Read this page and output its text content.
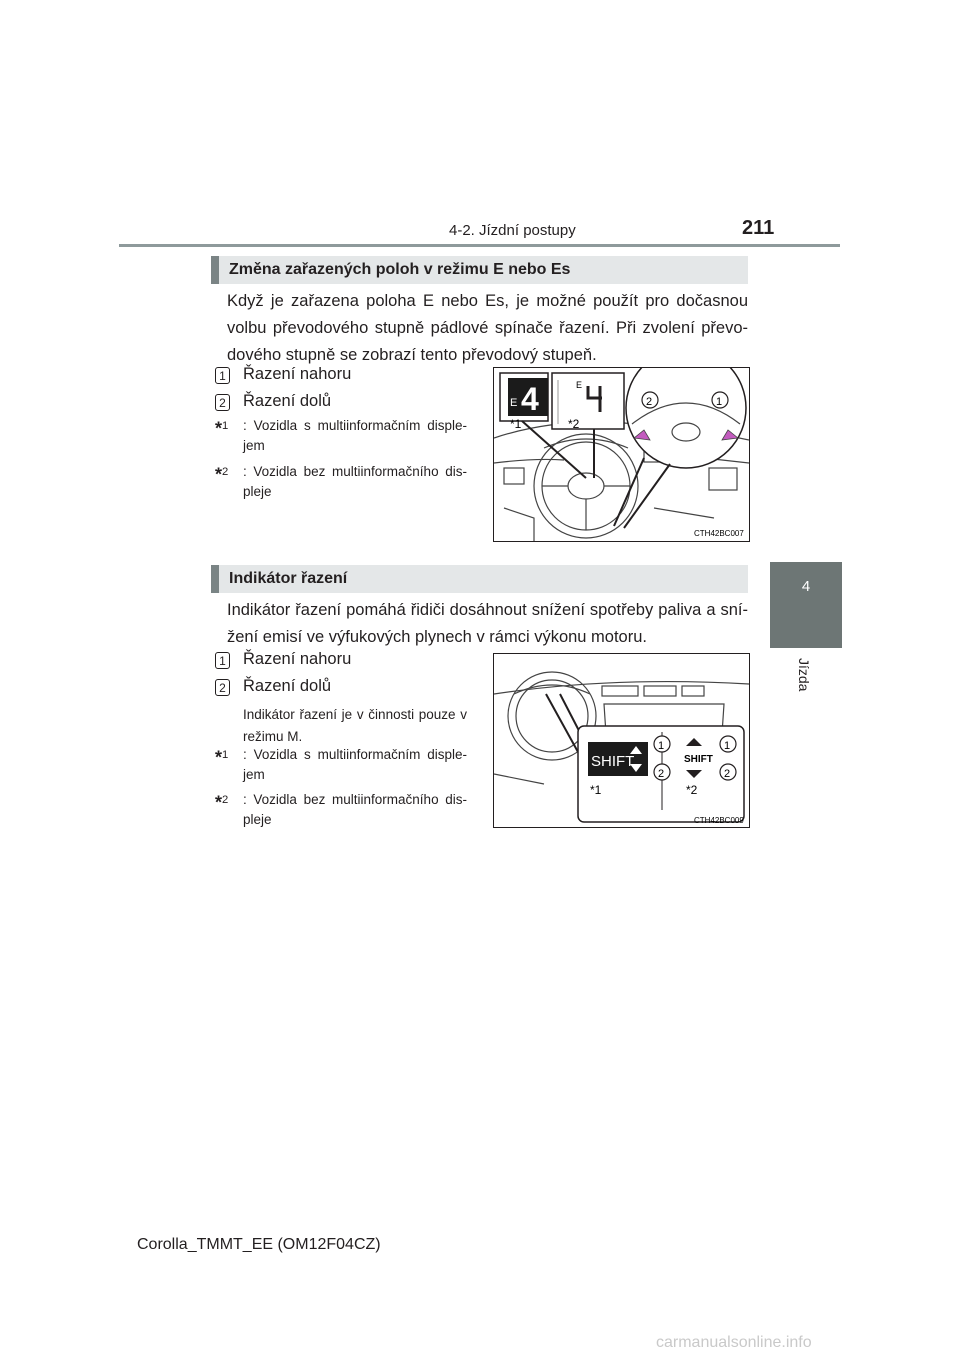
4-2. Jízdní postupy	211
4
Jízda
Změna zařazených poloh v režimu E nebo Es
Když je zařazena poloha E nebo Es, je možné použít pro dočasnou volbu převodového stupně pádlové spínače řazení. Při zvolení převo-dového stupně se zobrazí tento převodový stupeň.
1 Řazení nahoru
2 Řazení dolů
*$^1$ : Vozidla s multiinformačním disple-jem
*$^2$ : Vozidla bez multiinformačního dis-pleje
E 4	E
*1	*2
2	1
CTH42BC007
Indikátor řazení
Indikátor řazení pomáhá řidiči dosáhnout snížení spotřeby paliva a sní-žení emisí ve výfukových plynech v rámci výkonu motoru.
1 Řazení nahoru
2 Řazení dolů
Indikátor řazení je v činnosti pouze v režimu M.
*$^1$ : Vozidla s multiinformačním disple-jem
*$^2$ : Vozidla bez multiinformačního dis-pleje
SHIFT
1
2
SHIFT
1
2
*1	*2
CTH42BC009
Corolla_TMMT_EE (OM12F04CZ)
carmanualsonline.info
